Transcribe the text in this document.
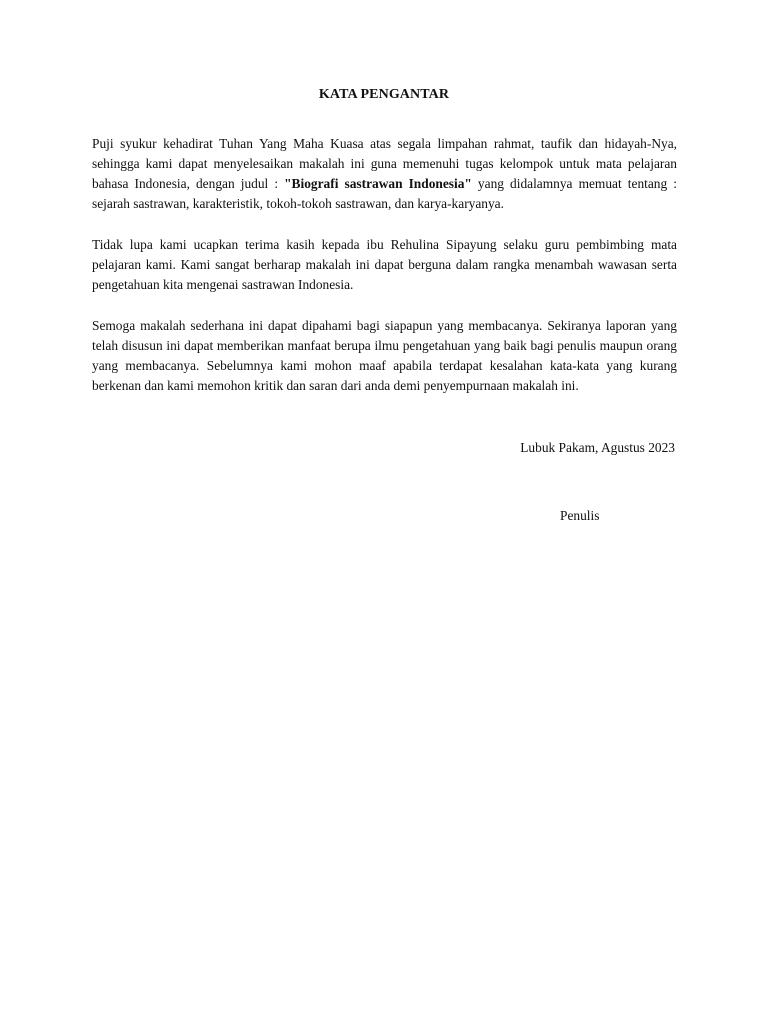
KATA PENGANTAR

Puji syukur kehadirat Tuhan Yang Maha Kuasa atas segala limpahan rahmat, taufik dan hidayah-Nya, sehingga kami dapat menyelesaikan makalah ini guna memenuhi tugas kelompok untuk mata pelajaran bahasa Indonesia, dengan judul : "Biografi sastrawan Indonesia" yang didalamnya memuat tentang : sejarah sastrawan, karakteristik, tokoh-tokoh sastrawan, dan karya-karyanya.

Tidak lupa kami ucapkan terima kasih kepada ibu Rehulina Sipayung selaku guru pembimbing mata pelajaran kami. Kami sangat berharap makalah ini dapat berguna dalam rangka menambah wawasan serta pengetahuan kita mengenai sastrawan Indonesia.

Semoga makalah sederhana ini dapat dipahami bagi siapapun yang membacanya. Sekiranya laporan yang telah disusun ini dapat memberikan manfaat berupa ilmu pengetahuan yang baik bagi penulis maupun orang yang membacanya. Sebelumnya kami mohon maaf apabila terdapat kesalahan kata-kata yang kurang berkenan dan kami memohon kritik dan saran dari anda demi penyempurnaan makalah ini.

Lubuk Pakam, Agustus 2023
Penulis
